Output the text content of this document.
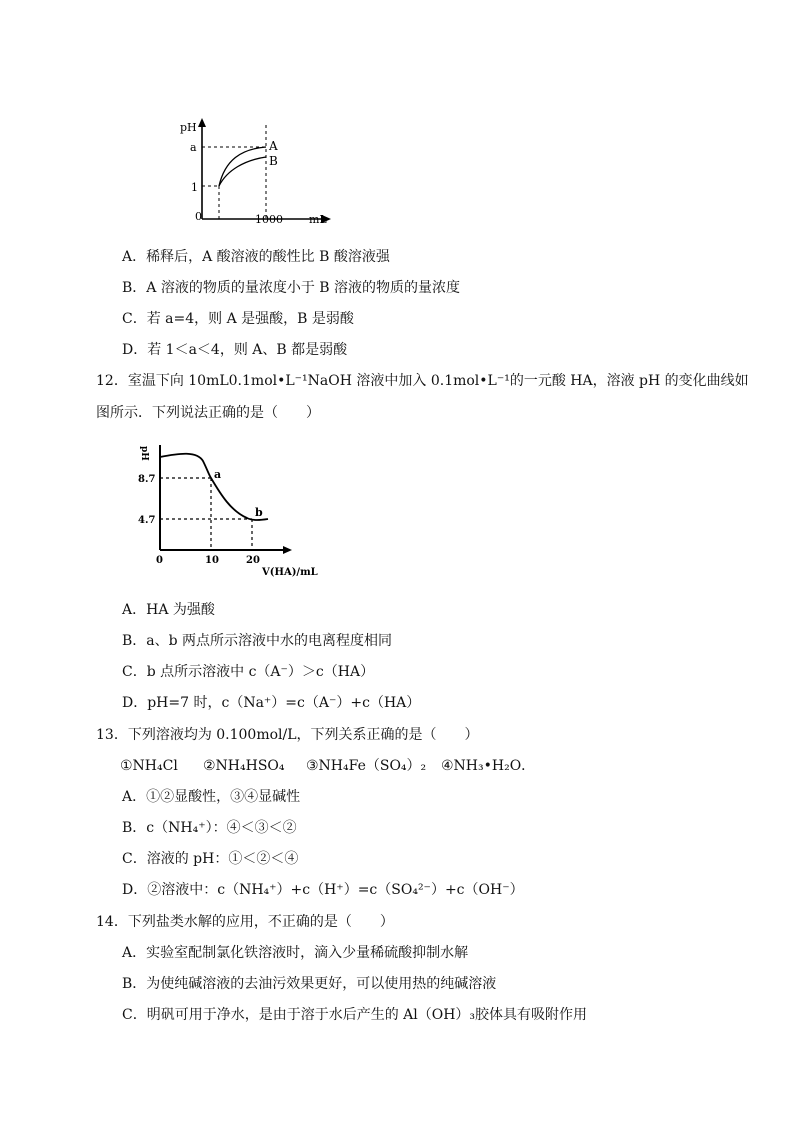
pH
a
1
0	1000 mL
A
B
A．稀释后，A 酸溶液的酸性比 B 酸溶液强
B．A 溶液的物质的量浓度小于 B 溶液的物质的量浓度
C．若 a=4，则 A 是强酸，B 是弱酸
D．若 1＜a＜4，则 A、B 都是弱酸
12．室温下向 10mL0.1mol•L⁻¹NaOH 溶液中加入 0.1mol•L⁻¹的一元酸 HA，溶液 pH 的变化曲线如
图所示．下列说法正确的是（　　）
pH
8.7
4.7
0	10	20
V(HA)/mL
a
b
A．HA 为强酸
B．a、b 两点所示溶液中水的电离程度相同
C．b 点所示溶液中 c（A⁻）＞c（HA）
D．pH=7 时，c（Na⁺）=c（A⁻）+c（HA）
13．下列溶液均为 0.100mol/L，下列关系正确的是（　　）
①NH₄Cl ②NH₄HSO₄ ③NH₄Fe（SO₄）₂ ④NH₃•H₂O．
A．①②显酸性，③④显碱性
B．c（NH₄⁺）：④＜③＜②
C．溶液的 pH：①＜②＜④
D．②溶液中：c（NH₄⁺）+c（H⁺）=c（SO₄²⁻）+c（OH⁻）
14．下列盐类水解的应用，不正确的是（　　）
A．实验室配制氯化铁溶液时，滴入少量稀硫酸抑制水解
B．为使纯碱溶液的去油污效果更好，可以使用热的纯碱溶液
C．明矾可用于净水，是由于溶于水后产生的 Al（OH）₃胶体具有吸附作用
